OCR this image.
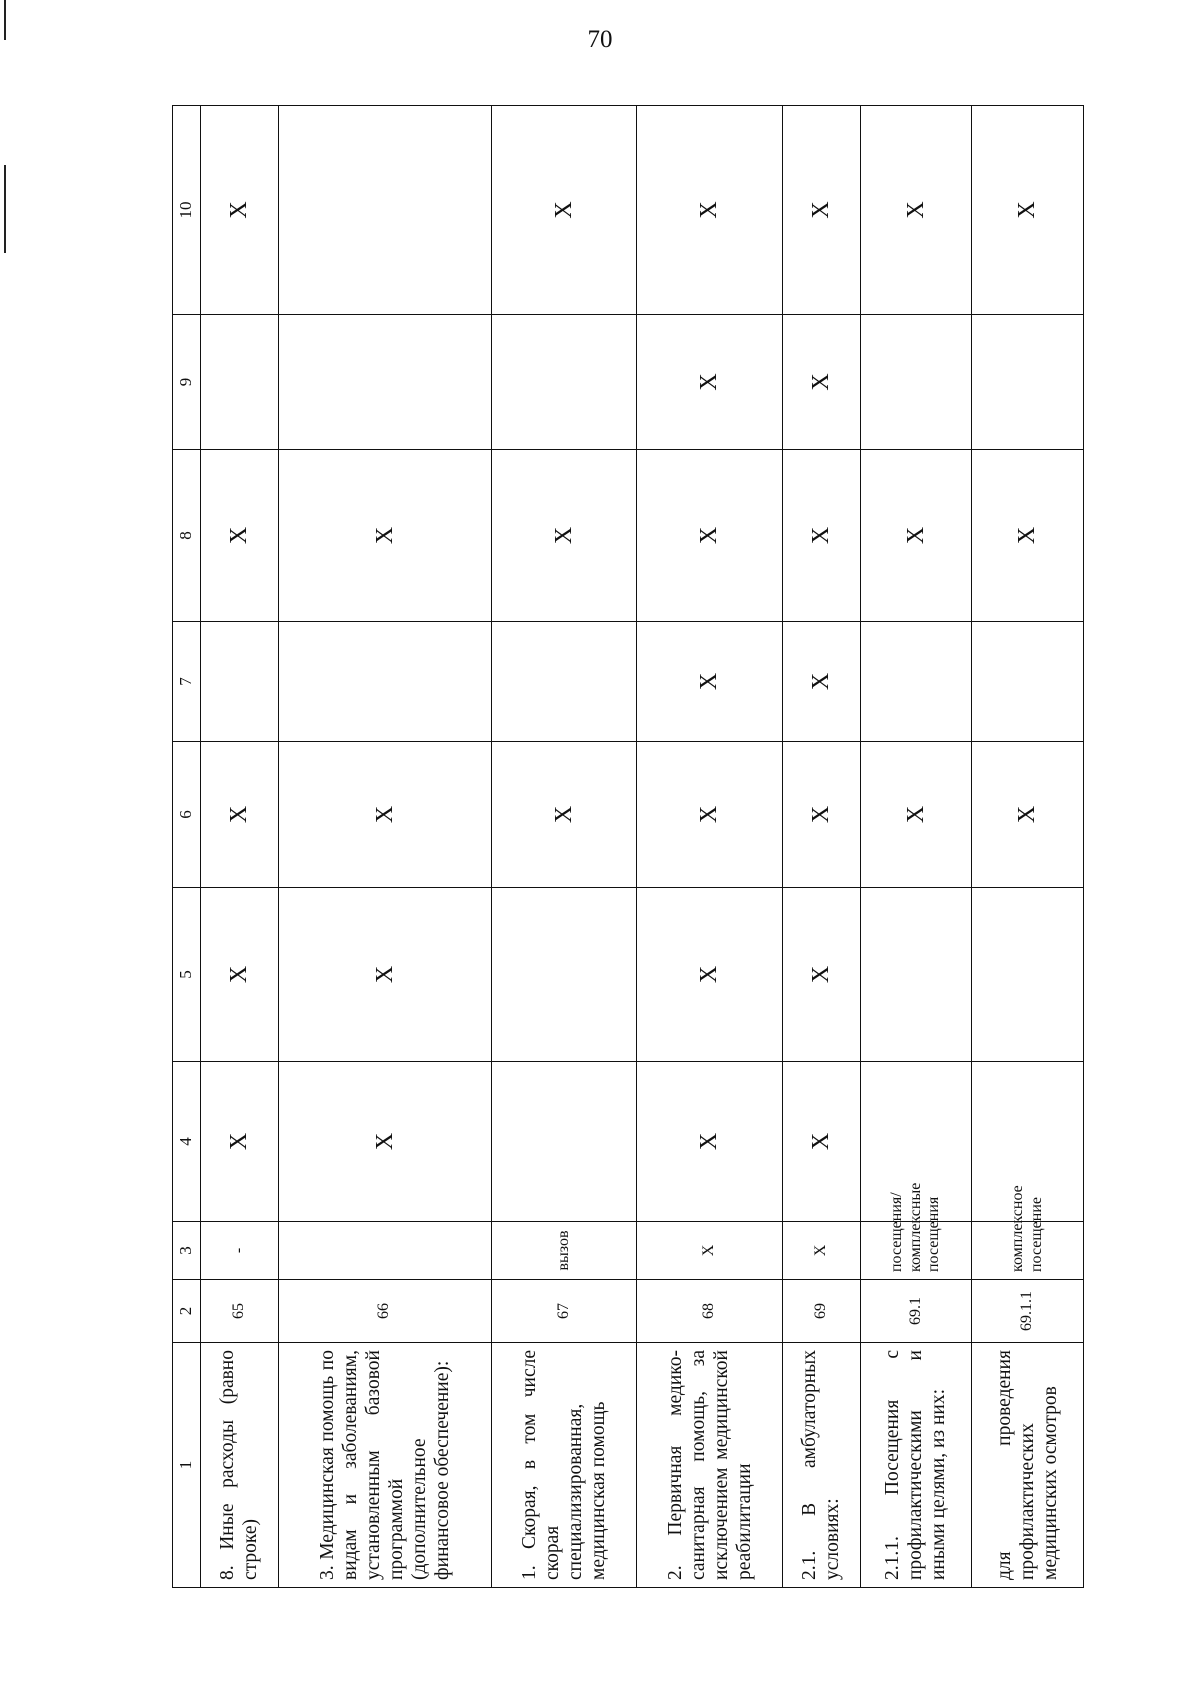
70
1	2	3	4	5	6	7	8	9	10
8. Иные расходы (равно строке)	65	-	X	X	X		X		X
3. Медицинская помощь по видам и заболеваниям, установленным базовой программой (дополнительное финансовое обеспечение):	66		X	X	X		X		
1. Скорая, в том числе скорая специализированная, медицинская помощь	67	вызов			X		X		X
2. Первичная медико-санитарная помощь, за исключением медицинской реабилитации	68	X	X	X	X	X	X	X	X
2.1. В амбулаторных условиях:	69	X	X	X	X	X	X	X	X
2.1.1. Посещения с профилактическими и иными целями, из них:	69.1	посещения/ комплексные посещения			X		X		X
для проведения профилактических медицинских осмотров	69.1.1	комплексное посещение			X		X		X
